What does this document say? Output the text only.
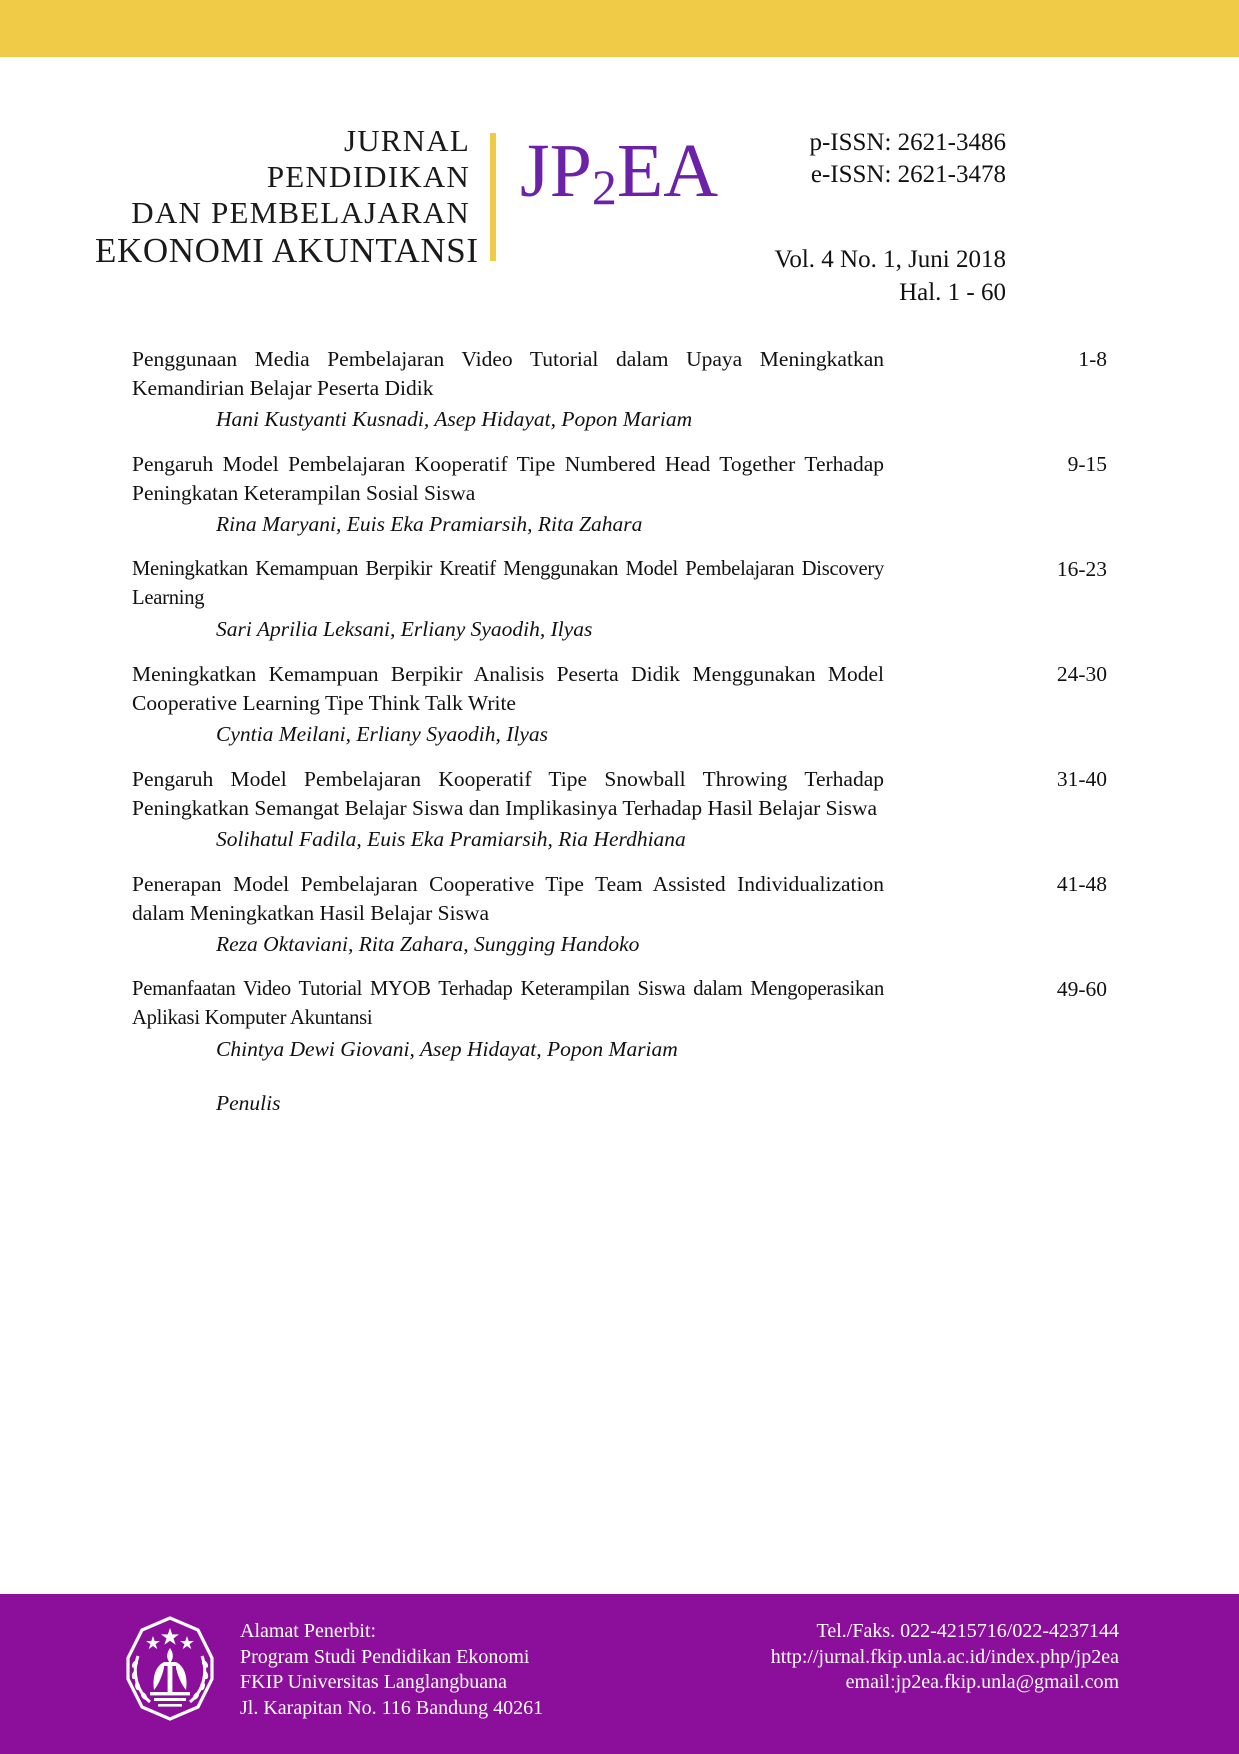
JURNAL
PENDIDIKAN
DAN PEMBELAJARAN
EKONOMI AKUNTANSI
JP2EA	p-ISSN: 2621-3486
e-ISSN: 2621-3478
Vol. 4 No. 1, Juni 2018
Hal. 1 - 60
Penggunaan Media Pembelajaran Video Tutorial dalam Upaya Meningkatkan Kemandirian Belajar Peserta Didik
1-8
Hani Kustyanti Kusnadi, Asep Hidayat, Popon Mariam
Pengaruh Model Pembelajaran Kooperatif Tipe Numbered Head Together Terhadap Peningkatan Keterampilan Sosial Siswa
9-15
Rina Maryani, Euis Eka Pramiarsih, Rita Zahara
Meningkatkan Kemampuan Berpikir Kreatif Menggunakan Model Pembelajaran Discovery Learning
16-23
Sari Aprilia Leksani, Erliany Syaodih, Ilyas
Meningkatkan Kemampuan Berpikir Analisis Peserta Didik Menggunakan Model Cooperative Learning Tipe Think Talk Write
24-30
Cyntia Meilani, Erliany Syaodih, Ilyas
Pengaruh Model Pembelajaran Kooperatif Tipe Snowball Throwing Terhadap Peningkatkan Semangat Belajar Siswa dan Implikasinya Terhadap Hasil Belajar Siswa
31-40
Solihatul Fadila, Euis Eka Pramiarsih, Ria Herdhiana
Penerapan Model Pembelajaran Cooperative Tipe Team Assisted Individualization dalam Meningkatkan Hasil Belajar Siswa
41-48
Reza Oktaviani, Rita Zahara, Sungging Handoko
Pemanfaatan Video Tutorial MYOB Terhadap Keterampilan Siswa dalam Mengoperasikan Aplikasi Komputer Akuntansi
49-60
Chintya Dewi Giovani, Asep Hidayat, Popon Mariam
Penulis
Alamat Penerbit:
Program Studi Pendidikan Ekonomi
FKIP Universitas Langlangbuana
Jl. Karapitan No. 116 Bandung 40261
Tel./Faks. 022-4215716/022-4237144
http://jurnal.fkip.unla.ac.id/index.php/jp2ea
email:jp2ea.fkip.unla@gmail.com
